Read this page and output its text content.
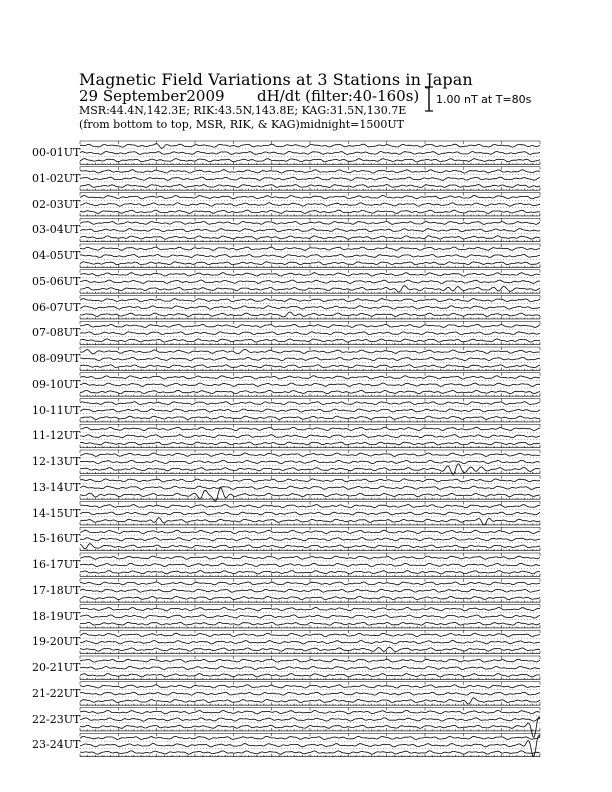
Magnetic Field Variations at 3 Stations in Japan
29 September2009 dH/dt (filter:40-160s)
MSR:44.4N,142.3E; RIK:43.5N,143.8E; KAG:31.5N,130.7E
(from bottom to top, MSR, RIK, & KAG) midnight=1500UT
1.00 nT at T=80s
00-01UT
01-02UT
02-03UT
03-04UT
04-05UT
05-06UT
06-07UT
07-08UT
08-09UT
09-10UT
10-11UT
11-12UT
12-13UT
13-14UT
14-15UT
15-16UT
16-17UT
17-18UT
18-19UT
19-20UT
20-21UT
21-22UT
22-23UT
23-24UT
